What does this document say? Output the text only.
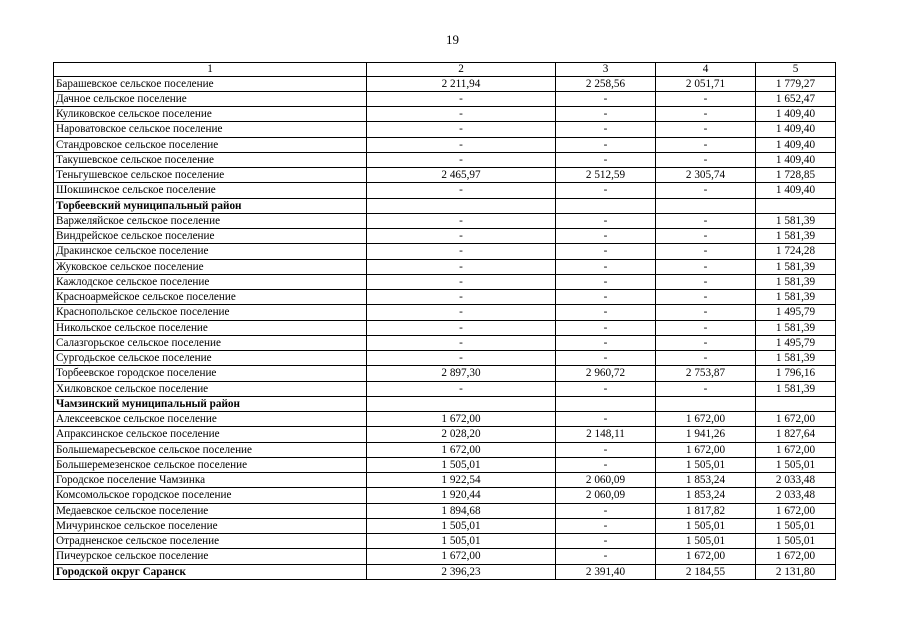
19
1	2	3	4	5
Барашевское сельское поселение	2 211,94	2 258,56	2 051,71	1 779,27
Дачное сельское поселение	-	-	-	1 652,47
Куликовское сельское поселение	-	-	-	1 409,40
Нароватовское сельское поселение	-	-	-	1 409,40
Стандровское сельское поселение	-	-	-	1 409,40
Такушевское сельское поселение	-	-	-	1 409,40
Теньгушевское сельское поселение	2 465,97	2 512,59	2 305,74	1 728,85
Шокшинское сельское поселение	-	-	-	1 409,40
Торбеевский муниципальный район				
Варжеляйское сельское поселение	-	-	-	1 581,39
Виндрейское сельское поселение	-	-	-	1 581,39
Дракинское сельское поселение	-	-	-	1 724,28
Жуковское сельское поселение	-	-	-	1 581,39
Кажлодское сельское поселение	-	-	-	1 581,39
Красноармейское сельское поселение	-	-	-	1 581,39
Краснопольское сельское поселение	-	-	-	1 495,79
Никольское сельское поселение	-	-	-	1 581,39
Салазгорьское сельское поселение	-	-	-	1 495,79
Сургодьское сельское поселение	-	-	-	1 581,39
Торбеевское городское поселение	2 897,30	2 960,72	2 753,87	1 796,16
Хилковское сельское поселение	-	-	-	1 581,39
Чамзинский муниципальный район				
Алексеевское сельское поселение	1 672,00	-	1 672,00	1 672,00
Апраксинское сельское поселение	2 028,20	2 148,11	1 941,26	1 827,64
Большемаресьевское сельское поселение	1 672,00	-	1 672,00	1 672,00
Большеремезенское сельское поселение	1 505,01	-	1 505,01	1 505,01
Городское поселение Чамзинка	1 922,54	2 060,09	1 853,24	2 033,48
Комсомольское городское поселение	1 920,44	2 060,09	1 853,24	2 033,48
Медаевское сельское поселение	1 894,68	-	1 817,82	1 672,00
Мичуринское сельское поселение	1 505,01	-	1 505,01	1 505,01
Отрадненское сельское поселение	1 505,01	-	1 505,01	1 505,01
Пичеурское сельское поселение	1 672,00	-	1 672,00	1 672,00
Городской округ Саранск	2 396,23	2 391,40	2 184,55	2 131,80
